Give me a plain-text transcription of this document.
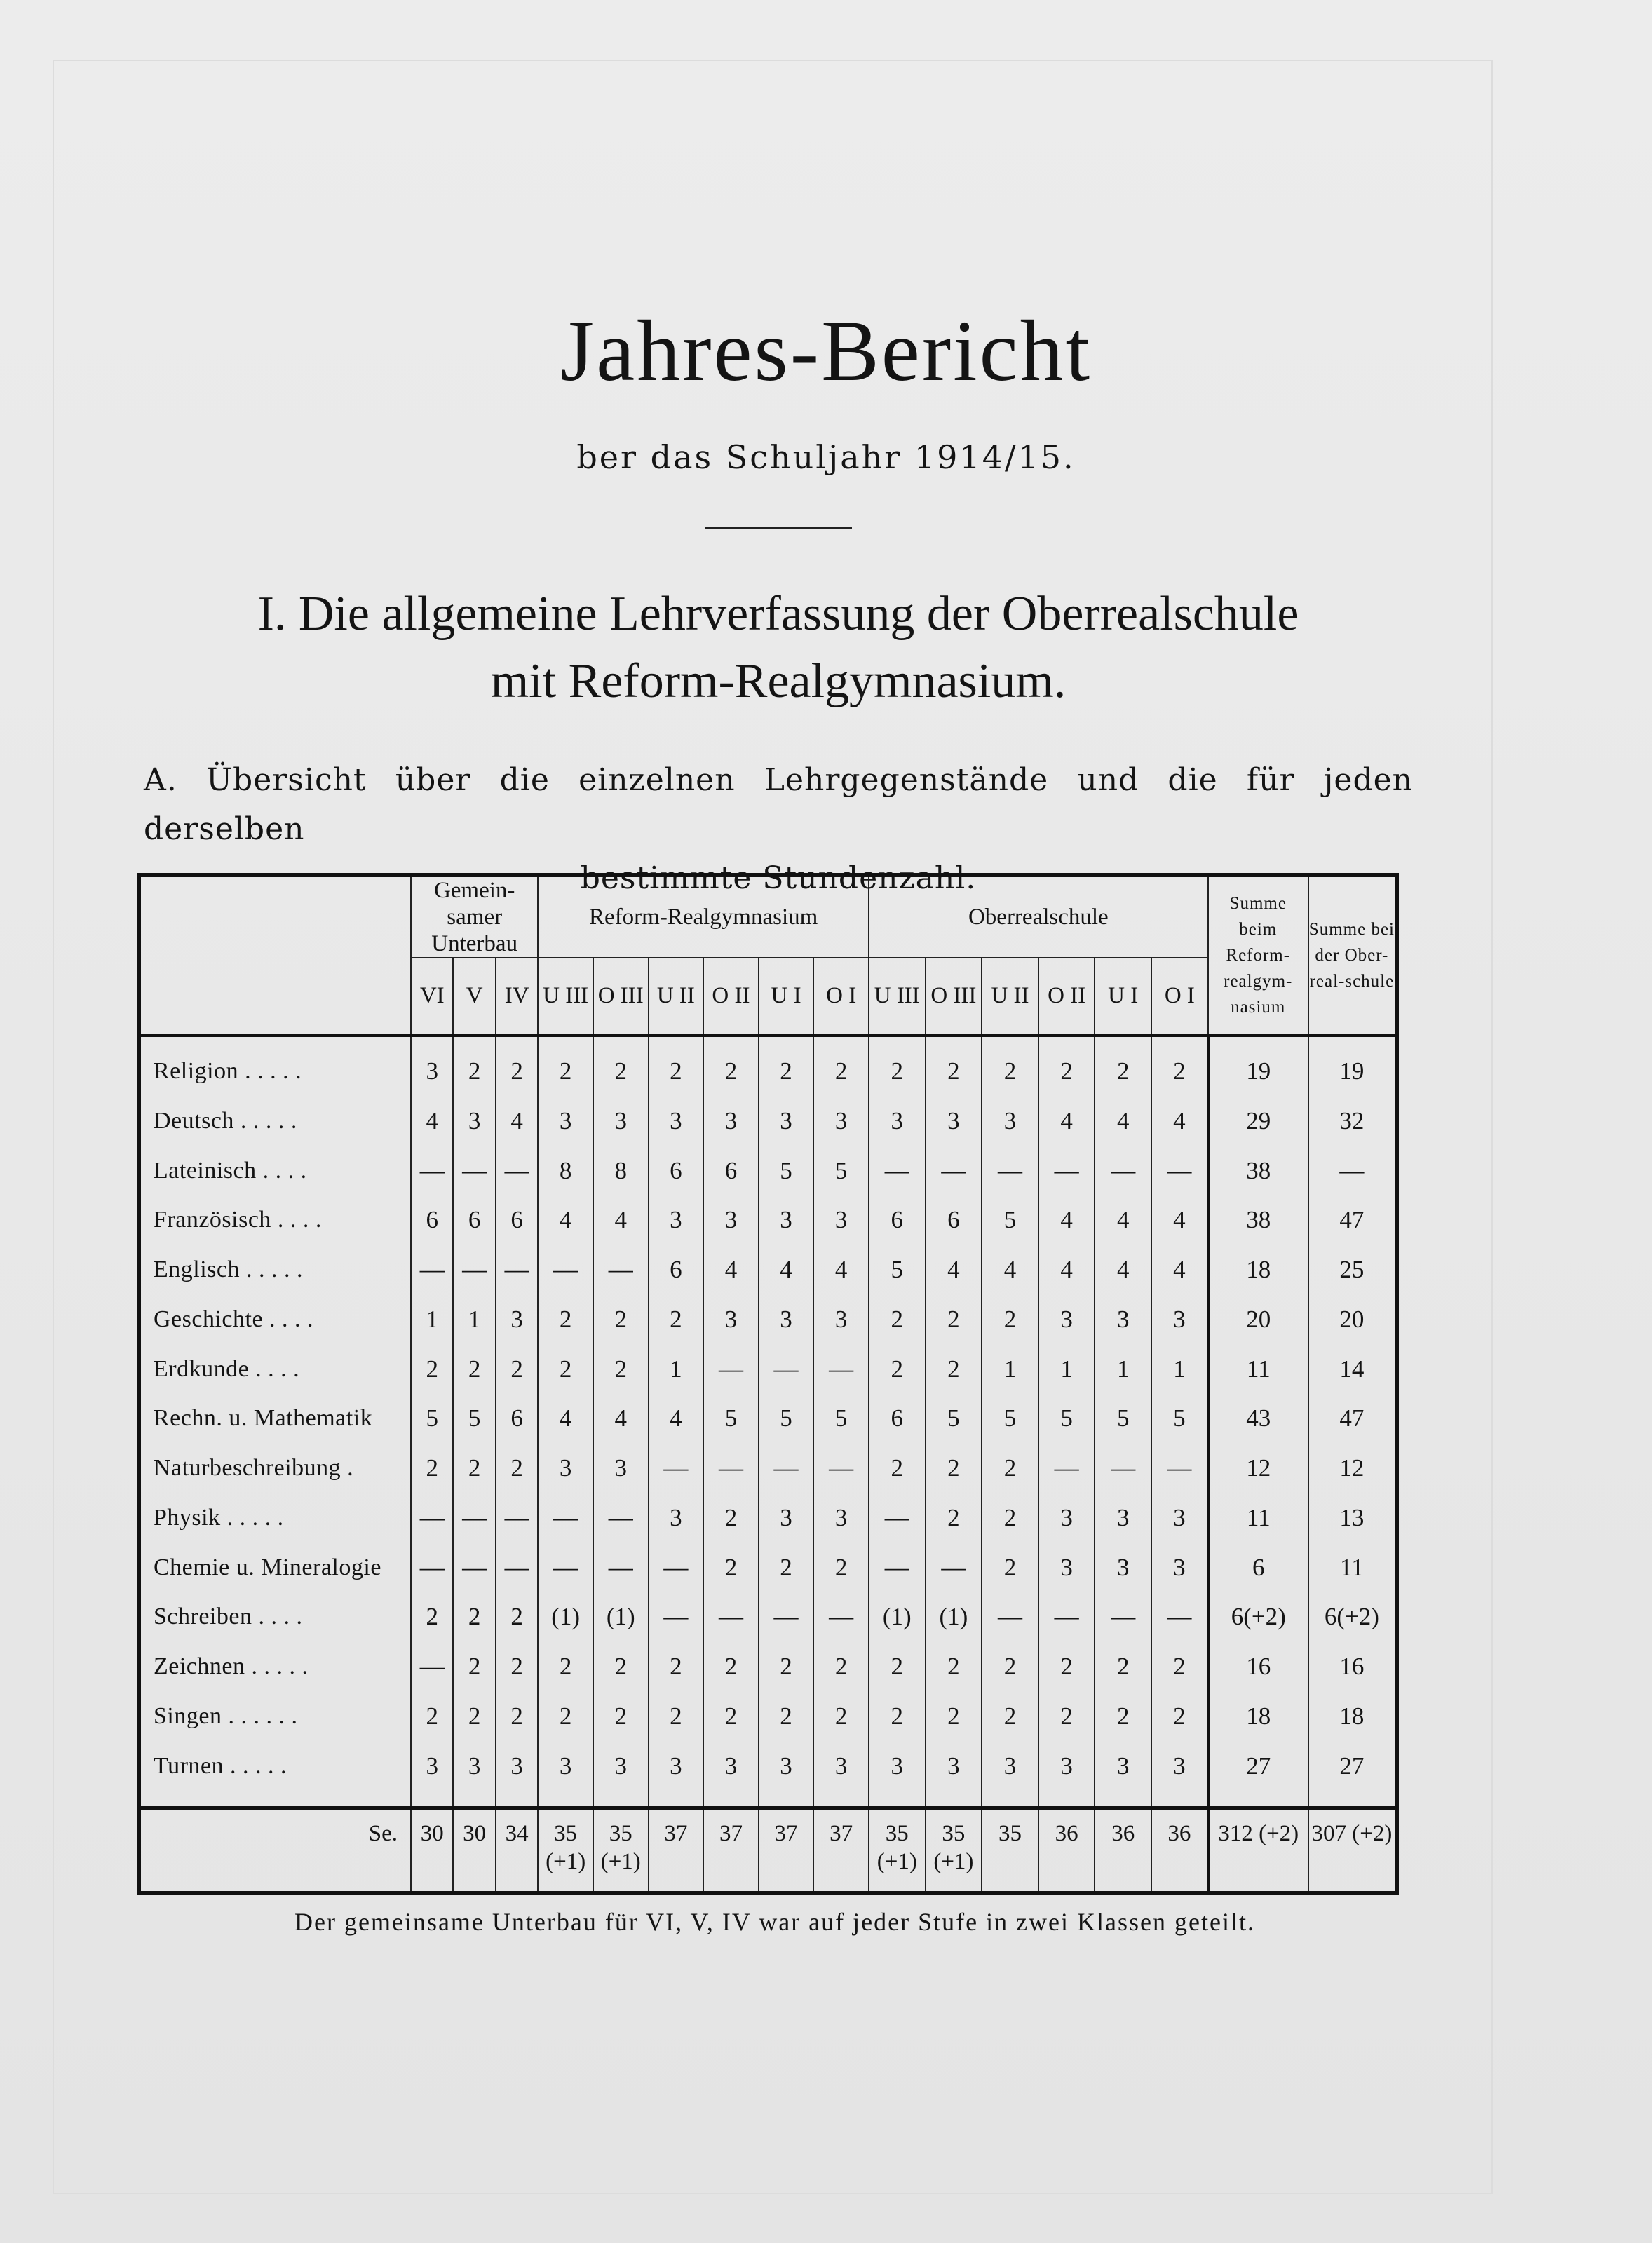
Jahres-Bericht
ber das Schuljahr 1914/15.
I. Die allgemeine Lehrverfassung der Oberrealschule
mit Reform-Realgymnasium.
A. Übersicht über die einzelnen Lehrgegenstände und die für jeden derselben
bestimmte Stundenzahl.
	Gemein-samer Unterbau			Reform-Realgymnasium						Oberrealschule						Summe beim Reform-realgym-nasium	Summe bei der Ober-real-schule
	VI	V	IV	U III	O III	U II	O II	U I	O I	U III	O III	U II	O II	U I	O I		
Religion . . . . .	3	2	2	2	2	2	2	2	2	2	2	2	2	2	2	19	19
Deutsch . . . . .	4	3	4	3	3	3	3	3	3	3	3	3	4	4	4	29	32
Lateinisch . . . .	—	—	—	8	8	6	6	5	5	—	—	—	—	—	—	38	—
Französisch . . . .	6	6	6	4	4	3	3	3	3	6	6	5	4	4	4	38	47
Englisch . . . . .	—	—	—	—	—	6	4	4	4	5	4	4	4	4	4	18	25
Geschichte . . . .	1	1	3	2	2	2	3	3	3	2	2	2	3	3	3	20	20
Erdkunde . . . .	2	2	2	2	2	1	—	—	—	2	2	1	1	1	1	11	14
Rechn. u. Mathematik	5	5	6	4	4	4	5	5	5	6	5	5	5	5	5	43	47
Naturbeschreibung .	2	2	2	3	3	—	—	—	—	2	2	2	—	—	—	12	12
Physik . . . . .	—	—	—	—	—	3	2	3	3	—	2	2	3	3	3	11	13
Chemie u. Mineralogie	—	—	—	—	—	—	2	2	2	—	—	2	3	3	3	6	11
Schreiben . . . .	2	2	2	(1)	(1)	—	—	—	—	(1)	(1)	—	—	—	—	6(+2)	6(+2)
Zeichnen . . . . .	—	2	2	2	2	2	2	2	2	2	2	2	2	2	2	16	16
Singen . . . . . .	2	2	2	2	2	2	2	2	2	2	2	2	2	2	2	18	18
Turnen . . . . .	3	3	3	3	3	3	3	3	3	3	3	3	3	3	3	27	27
Se.	30	30	34	35 (+1)	35 (+1)	37	37	37	37	35 (+1)	35 (+1)	35	36	36	36	312 (+2)	307 (+2)
Der gemeinsame Unterbau für VI, V, IV war auf jeder Stufe in zwei Klassen geteilt.
